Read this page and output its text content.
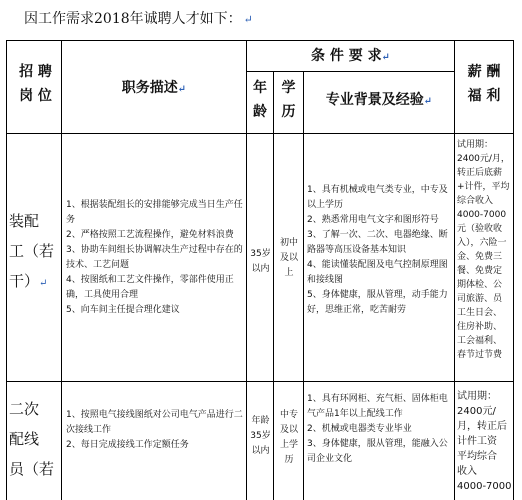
因工作需求2018年诚聘人才如下： ↵
招 聘
岗 位	职务描述↵
条 件 要 求↵
年
龄
学
历
专业背景及经验↵
薪 酬
福 利
装配
工（若
干）↵
1、根据装配组长的安排能够完成当日生产任务
2、严格按照工艺流程操作，避免材料浪费
3、协助车间组长协调解决生产过程中存在的技术、工艺问题
4、按图纸和工艺文件操作，零部件使用正确，工具使用合理
5、向车间主任提合理化建议
35岁
以内
初中
及以
上
1、具有机械或电气类专业，中专及以上学历
2、熟悉常用电气文字和图形符号
3、了解一次、二次、电器绝缘、断路器等高压设备基本知识
4、能读懂装配图及电气控制原理图和接线图
5、身体健康，服从管理，动手能力好，思维正常，吃苦耐劳
试用期：
2400元/月，
转正后底薪
+计件，平均
综合收入
4000-7000
元（验收收
入），六险一
金、免费三
餐、免费定
期体检、公
司旅游、员
工生日会、
住房补助、
工会福利、
春节过节费
二次
配线
员（若
1、按照电气接线图纸对公司电气产品进行二次接线工作
2、每日完成接线工作定额任务
年龄
35岁
以内
中专
及以
上学
历
1、具有环网柜、充气柜、固体柜电气产品1年以上配线工作
2、机械或电器类专业毕业
3、身体健康，服从管理，能融入公司企业文化
试用期：
2400元/
月，转正后
计件工资
平均综合
收入
4000-7000
